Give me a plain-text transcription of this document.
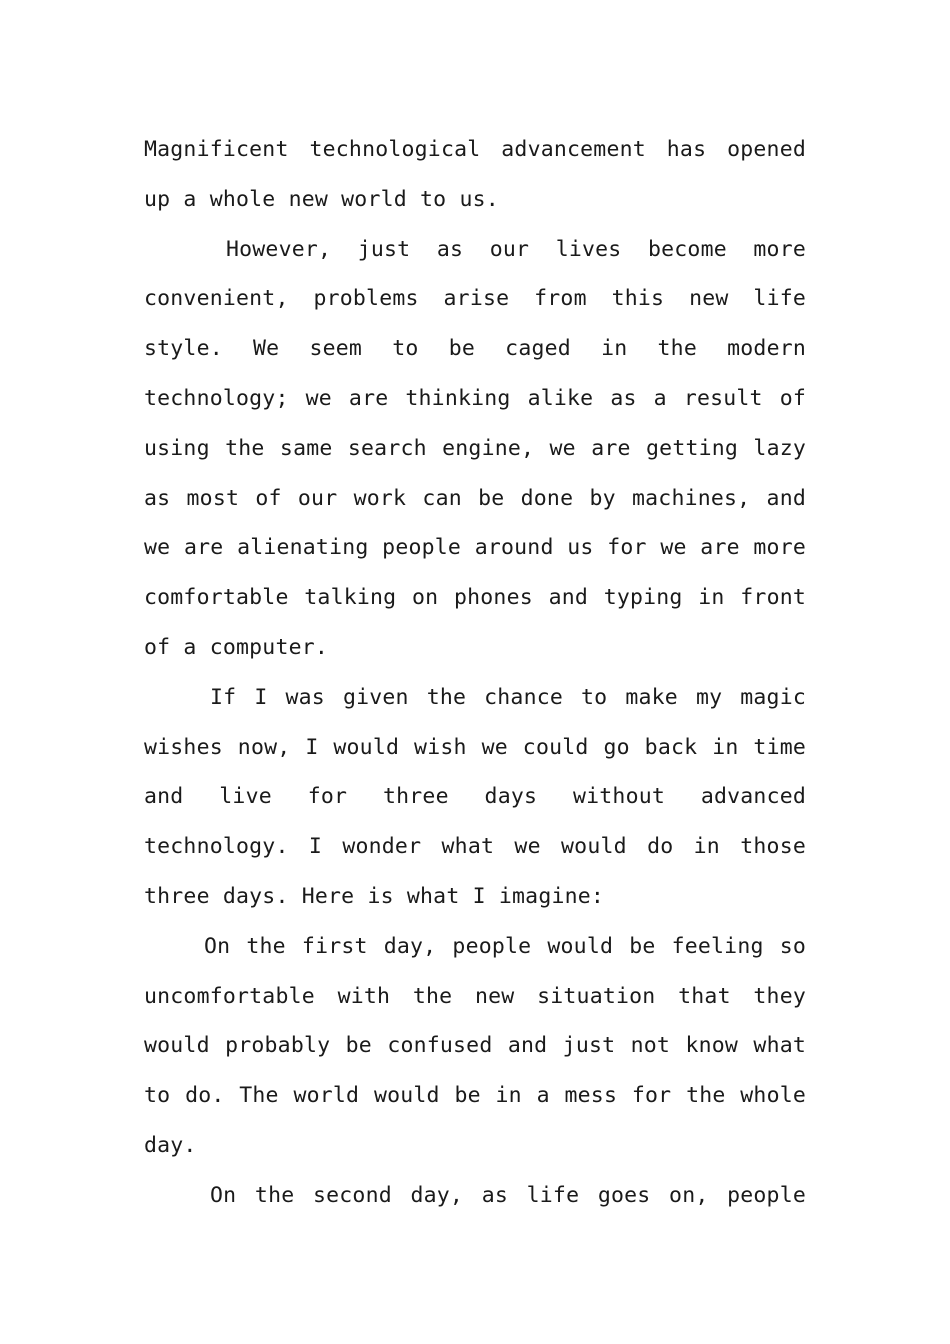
Magnificent technological advancement has opened up a whole new world to us.

However, just as our lives become more convenient, problems arise from this new life style. We seem to be caged in the modern technology; we are thinking alike as a result of using the same search engine, we are getting lazy as most of our work can be done by machines, and we are alienating people around us for we are more comfortable talking on phones and typing in front of a computer.

If I was given the chance to make my magic wishes now, I would wish we could go back in time and live for three days without advanced technology. I wonder what we would do in those three days. Here is what I imagine:

On the first day, people would be feeling so uncomfortable with the new situation that they would probably be confused and just not know what to do. The world would be in a mess for the whole day.

On the second day, as life goes on, people
